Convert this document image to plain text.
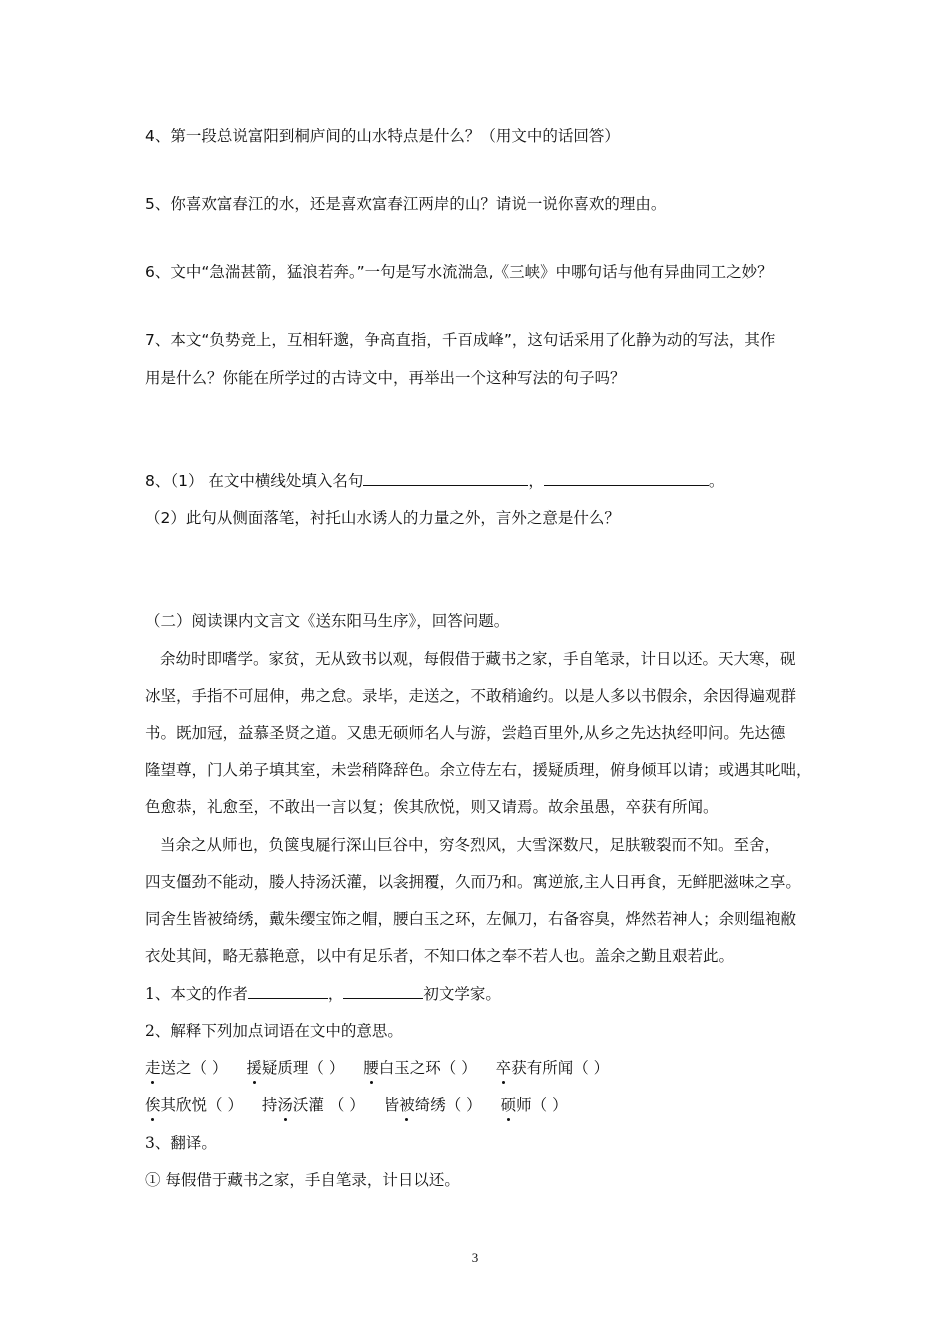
4、第一段总说富阳到桐庐间的山水特点是什么？（用文中的话回答）
5、你喜欢富春江的水，还是喜欢富春江两岸的山？请说一说你喜欢的理由。
6、文中“急湍甚箭，猛浪若奔。”一句是写水流湍急,《三峡》中哪句话与他有异曲同工之妙？
7、本文“负势竞上，互相轩邈，争高直指，千百成峰”，这句话采用了化静为动的写法，其作
用是什么？你能在所学过的古诗文中，再举出一个这种写法的句子吗？
8、（1） 在文中横线处填入名句	，	。
（2）此句从侧面落笔，衬托山水诱人的力量之外，言外之意是什么？
（二）阅读课内文言文《送东阳马生序》，回答问题。
余幼时即嗜学。家贫，无从致书以观，每假借于藏书之家，手自笔录，计日以还。天大寒，砚
冰坚，手指不可屈伸，弗之怠。录毕，走送之，不敢稍逾约。以是人多以书假余，余因得遍观群
书。既加冠，益慕圣贤之道。又患无硕师名人与游，尝趋百里外,从乡之先达执经叩问。先达德
隆望尊，门人弟子填其室，未尝稍降辞色。余立侍左右，援疑质理，俯身倾耳以请；或遇其叱咄，
色愈恭，礼愈至，不敢出一言以复；俟其欣悦，则又请焉。故余虽愚，卒获有所闻。
当余之从师也，负箧曳屣行深山巨谷中，穷冬烈风，大雪深数尺，足肤皲裂而不知。至舍，
四支僵劲不能动，媵人持汤沃灌，以衾拥覆，久而乃和。寓逆旅,主人日再食，无鲜肥滋味之享。
同舍生皆被绮绣，戴朱缨宝饰之帽，腰白玉之环，左佩刀，右备容臭，烨然若神人；余则缊袍敝
衣处其间，略无慕艳意，以中有足乐者，不知口体之奉不若人也。盖余之勤且艰若此。
1、本文的作者	，	初文学家。
2、解释下列加点词语在文中的意思。
走送之（ ） 援疑质理（ ） 腰白玉之环（ ） 卒获有所闻（ ）
俟其欣悦（ ） 持汤沃灌 （ ） 皆被绮绣（ ） 硕师（ ）
3、翻译。
① 每假借于藏书之家，手自笔录，计日以还。
3
